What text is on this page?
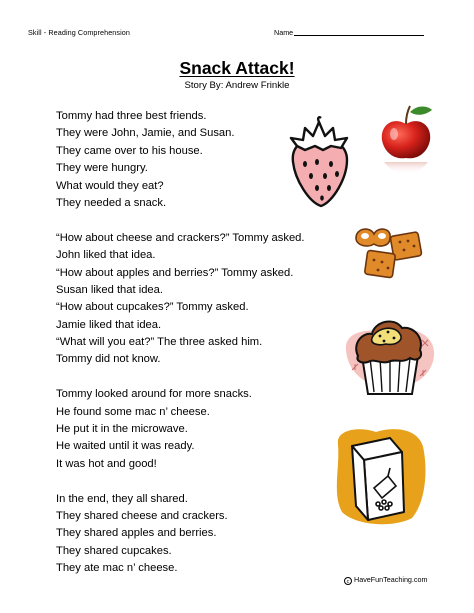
Skill - Reading Comprehension	Name
Snack Attack!
Story By: Andrew Frinkle
Tommy had three best friends.
They were John, Jamie, and Susan.
They came over to his house.
They were hungry.
What would they eat?
They needed a snack.
“How about cheese and crackers?” Tommy asked.
John liked that idea.
“How about apples and berries?” Tommy asked.
Susan liked that idea.
“How about cupcakes?” Tommy asked.
Jamie liked that idea.
“What will you eat?” The three asked him.
Tommy did not know.
Tommy looked around for more snacks.
He found some mac n’ cheese.
He put it in the microwave.
He waited until it was ready.
It was hot and good!
In the end, they all shared.
They shared cheese and crackers.
They shared apples and berries.
They shared cupcakes.
They ate mac n’ cheese.
c HaveFunTeaching.com
